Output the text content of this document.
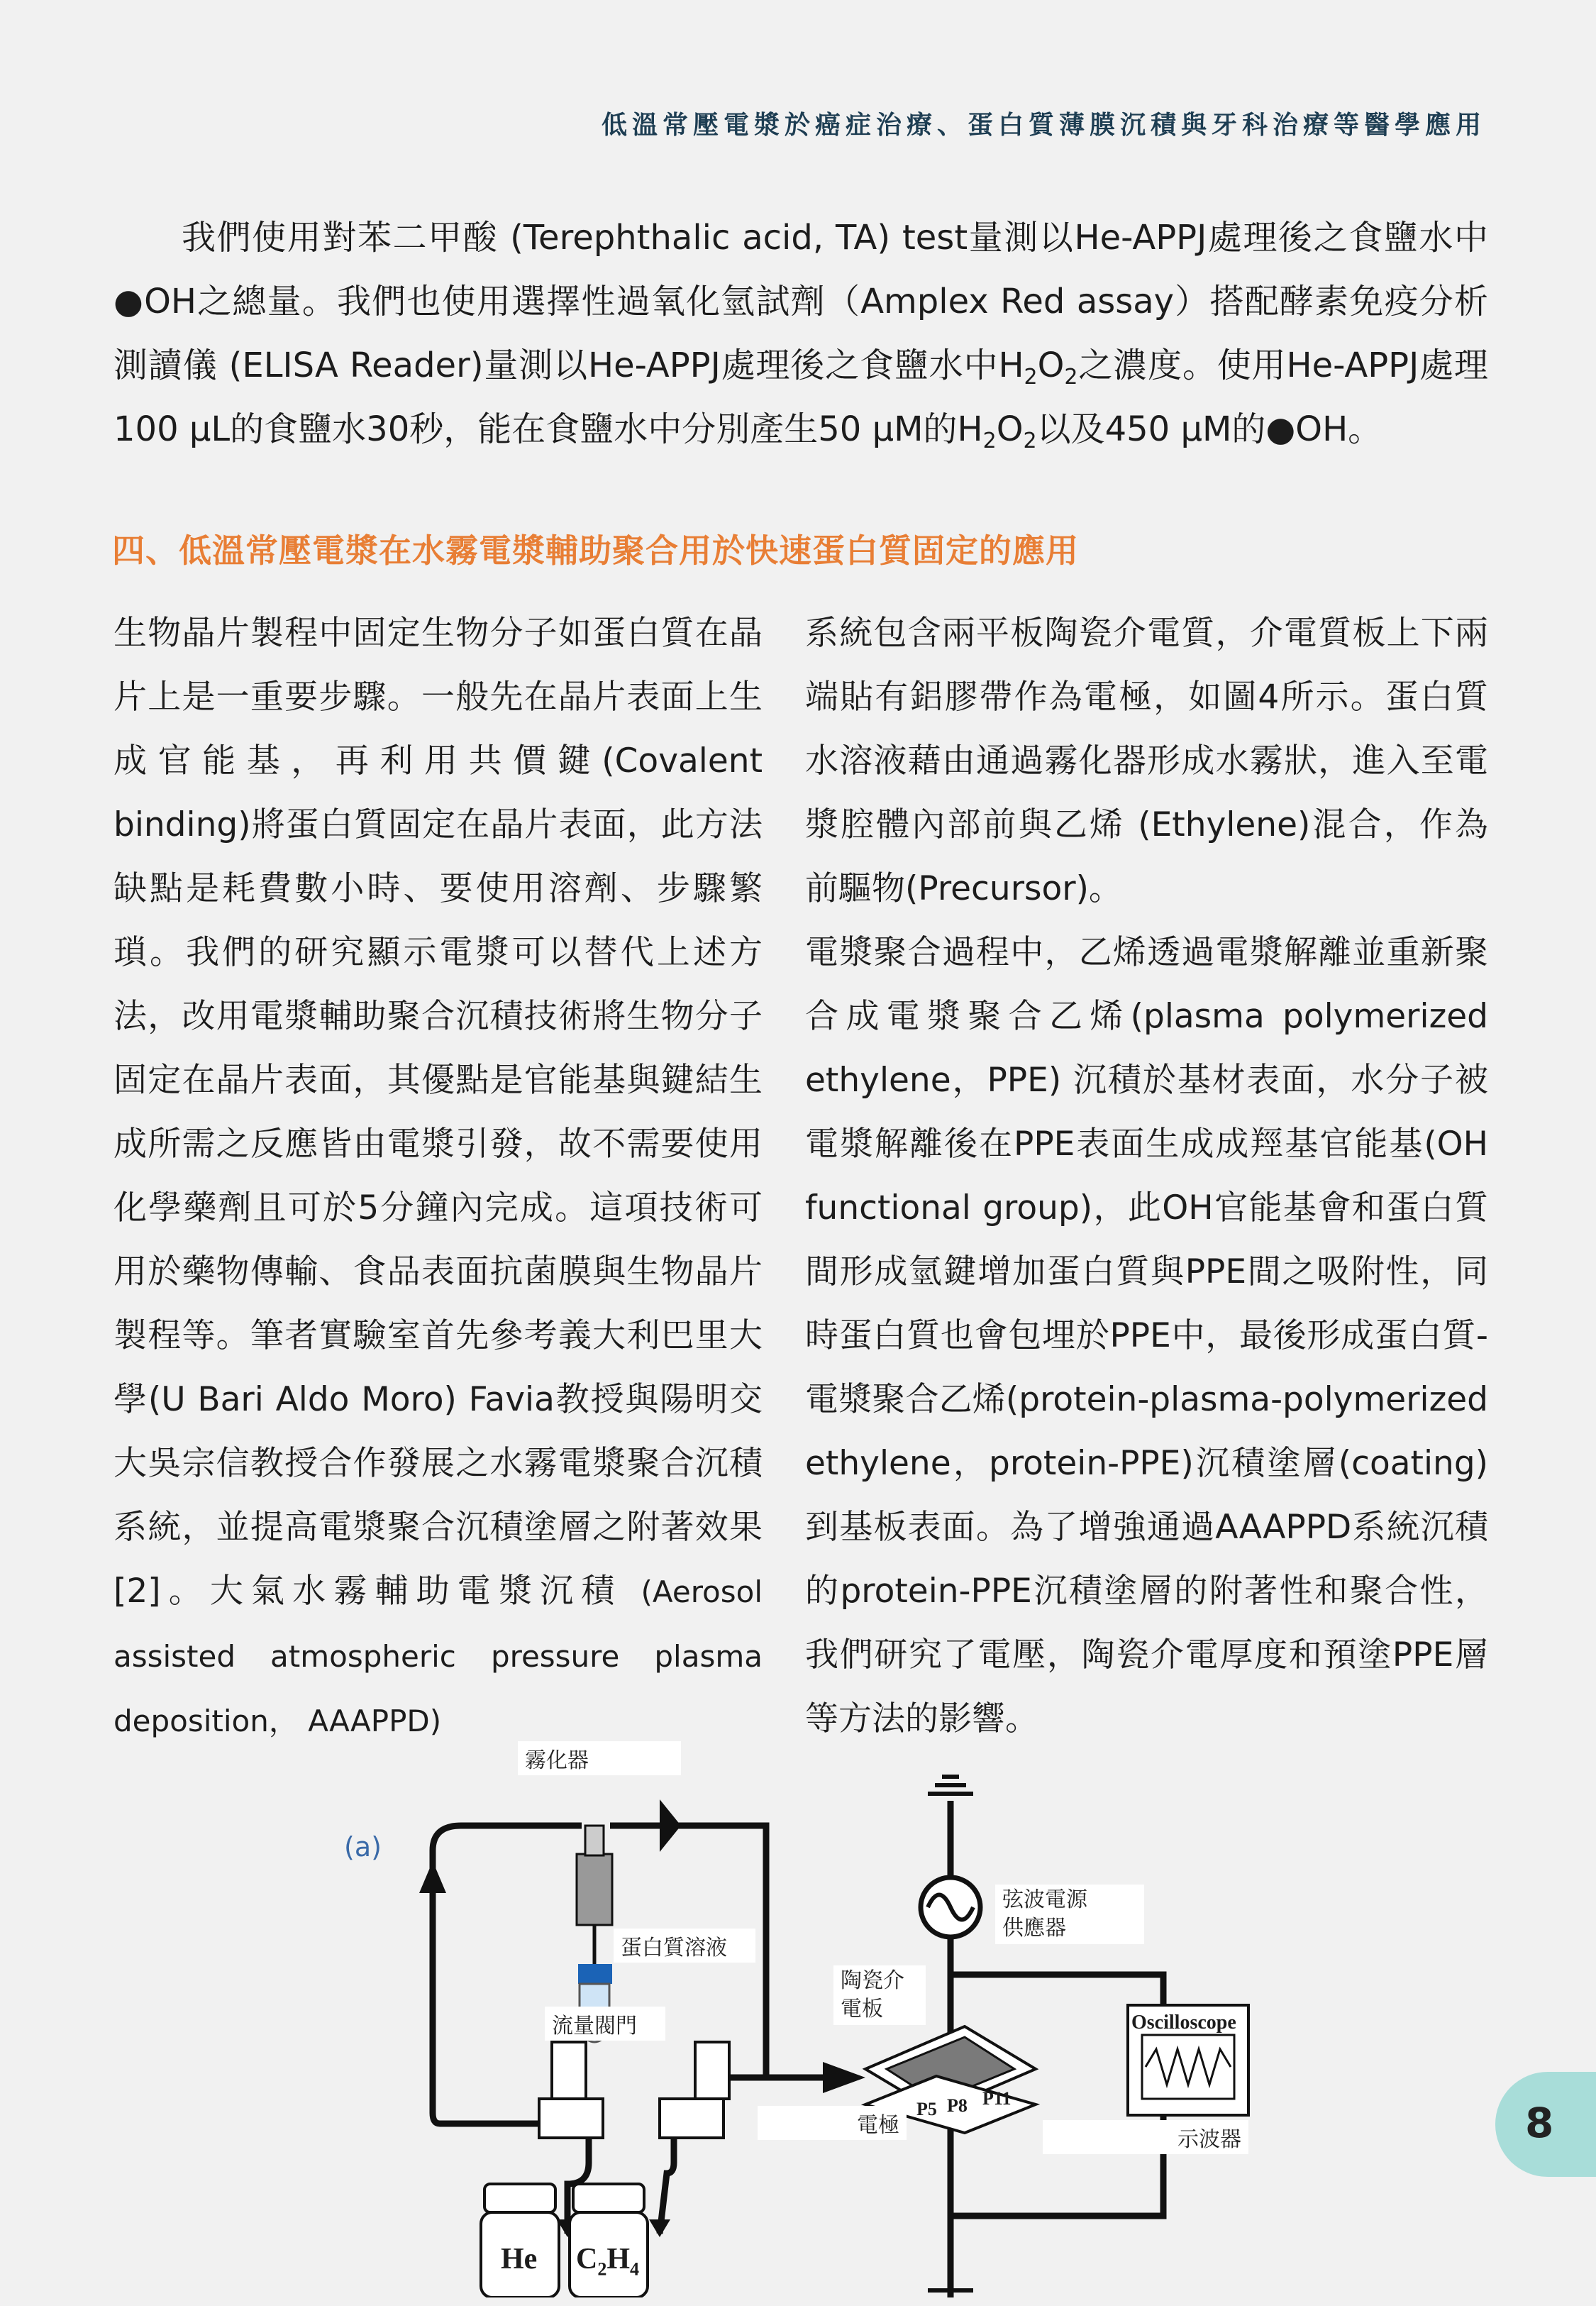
低溫常壓電漿於癌症治療、蛋白質薄膜沉積與牙科治療等醫學應用

我們使用對苯二甲酸 (Terephthalic acid, TA) test量測以He-APPJ處理後之食鹽水中●OH之總量。我們也使用選擇性過氧化氫試劑（Amplex Red assay）搭配酵素免疫分析測讀儀 (ELISA Reader)量測以He-APPJ處理後之食鹽水中$H_2O_2$之濃度。使用He-APPJ處理100 µL的食鹽水30秒，能在食鹽水中分別產生50 µM的$H_2O_2$以及450 µM的●OH。

四、低溫常壓電漿在水霧電漿輔助聚合用於快速蛋白質固定的應用

生物晶片製程中固定生物分子如蛋白質在晶片上是一重要步驟。一般先在晶片表面上生成官能基，再利用共價鍵(Covalent binding)將蛋白質固定在晶片表面，此方法缺點是耗費數小時、要使用溶劑、步驟繁瑣。我們的研究顯示電漿可以替代上述方法，改用電漿輔助聚合沉積技術將生物分子固定在晶片表面，其優點是官能基與鍵結生成所需之反應皆由電漿引發，故不需要使用化學藥劑且可於5分鐘內完成。這項技術可用於藥物傳輸、食品表面抗菌膜與生物晶片製程等。筆者實驗室首先參考義大利巴里大學(U Bari Aldo Moro) Favia教授與陽明交大吳宗信教授合作發展之水霧電漿聚合沉積系統，並提高電漿聚合沉積塗層之附著效果[2]。大氣水霧輔助電漿沉積 (Aerosol assisted atmospheric pressure plasma deposition， AAAPPD)

系統包含兩平板陶瓷介電質，介電質板上下兩端貼有鋁膠帶作為電極，如圖4所示。蛋白質水溶液藉由通過霧化器形成水霧狀，進入至電漿腔體內部前與乙烯 (Ethylene)混合，作為前驅物(Precursor)。

電漿聚合過程中，乙烯透過電漿解離並重新聚合成電漿聚合乙烯(plasma polymerized ethylene，PPE) 沉積於基材表面，水分子被電漿解離後在PPE表面生成成羥基官能基(OH functional group)，此OH官能基會和蛋白質間形成氫鍵增加蛋白質與PPE間之吸附性，同時蛋白質也會包埋於PPE中，最後形成蛋白質-電漿聚合乙烯(protein-plasma-polymerized ethylene，protein-PPE)沉積塗層(coating)到基板表面。為了增強通過AAAPPD系統沉積的protein-PPE沉積塗層的附著性和聚合性，我們研究了電壓，陶瓷介電厚度和預塗PPE層等方法的影響。

(a)
霧化器
蛋白質溶液
流量閥門
弦波電源
供應器
陶瓷介
電板
Oscilloscope
示波器
電極
P5 P8 P11
He $C_2H_4$
8
